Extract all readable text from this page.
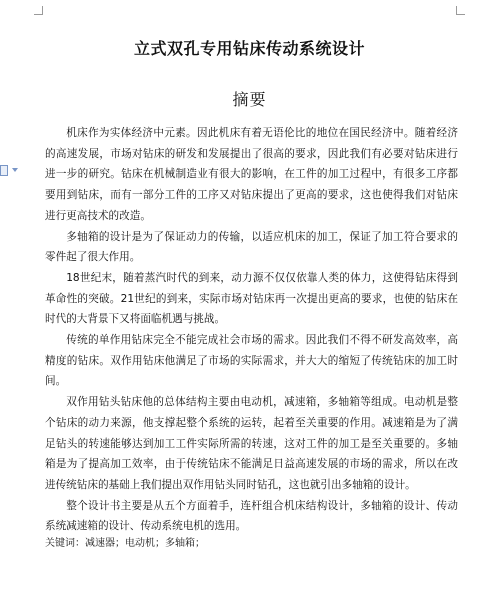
立式双孔专用钻床传动系统设计
摘要

机床作为实体经济中元素。因此机床有着无语伦比的地位在国民经济中。随着经济的高速发展，市场对钻床的研发和发展提出了很高的要求，因此我们有必要对钻床进行进一步的研究。钻床在机械制造业有很大的影响，在工件的加工过程中，有很多工序都要用到钻床，而有一部分工件的工序又对钻床提出了更高的要求，这也使得我们对钻床进行更高技术的改造。

多轴箱的设计是为了保证动力的传输，以适应机床的加工，保证了加工符合要求的零件起了很大作用。

18世纪末，随着蒸汽时代的到来，动力源不仅仅依靠人类的体力，这使得钻床得到革命性的突破。21世纪的到来，实际市场对钻床再一次提出更高的要求，也使的钻床在时代的大背景下又将面临机遇与挑战。

传统的单作用钻床完全不能完成社会市场的需求。因此我们不得不研发高效率，高精度的钻床。双作用钻床他满足了市场的实际需求，并大大的缩短了传统钻床的加工时间。

双作用钻头钻床他的总体结构主要由电动机，减速箱，多轴箱等组成。电动机是整个钻床的动力来源，他支撑起整个系统的运转，起着至关重要的作用。减速箱是为了满足钻头的转速能够达到加工工件实际所需的转速，这对工件的加工是至关重要的。多轴箱是为了提高加工效率，由于传统钻床不能满足日益高速发展的市场的需求，所以在改进传统钻床的基础上我们提出双作用钻头同时钻孔，这也就引出多轴箱的设计。

整个设计书主要是从五个方面着手，连杆组合机床结构设计，多轴箱的设计、传动系统减速箱的设计、传动系统电机的选用。

关键词：减速器；电动机；多轴箱；
